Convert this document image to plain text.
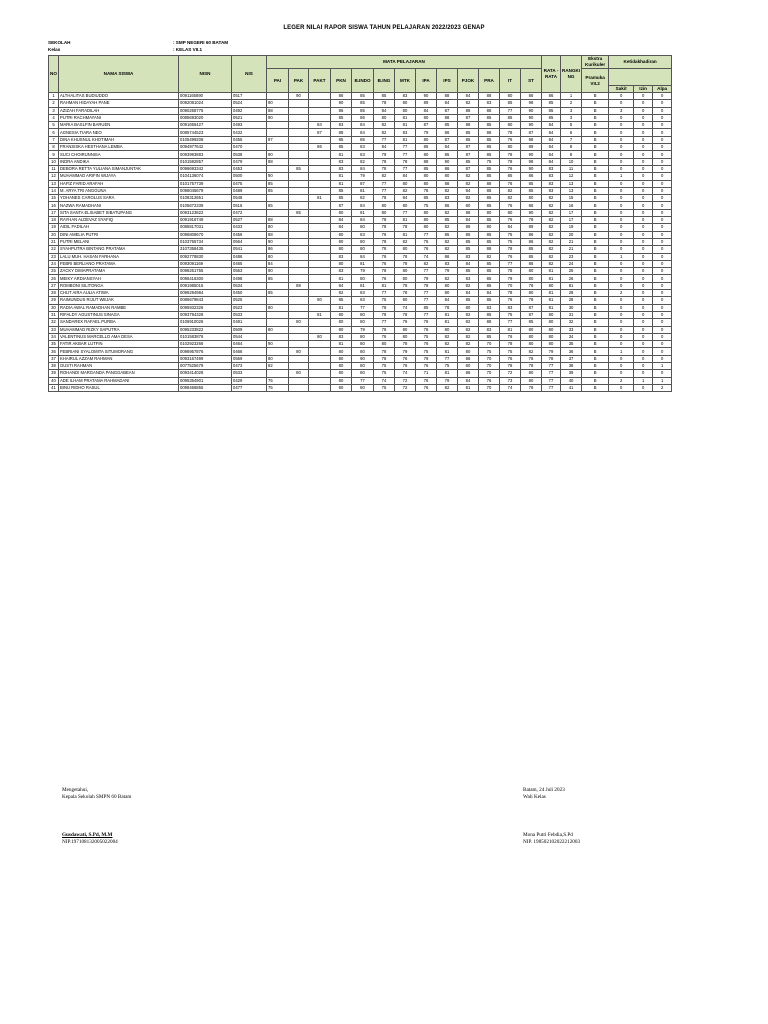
LEGER NILAI RAPOR SISWA TAHUN PELAJARAN 2022/2023 GENAP
SEKOLAH	: SMP NEGERI 60 BATAM
Kelas	: KELAS VII.1
NO	NAMA SISWA	NISN	NIS	MATA PELAJARAN													RATA - RATA	RANGKI NG	Ekstra Kurikuler	Ketidakhadiran		
				PAI	PAK	PAKT	PKN	B.INDO	B.ING	MTK	IPA	IPS	PJOK	PRA	IT	ST			Pramuka VII.2			
																				Sakit	Izin	Alpa
1	ALTHALITAS BUDIUDDO	0091165890	0517		90		86	85	85	83	90	88	84	88	80	86	86	1	B	0	0	0
2	RAHMAN HIDAYAH PANE	0092081024	0524	90			90	85	78	80	89	84	82	83	85	98	85	2	B	0	0	0
3	AZIZAH FARADILAH	0090258775	0492	88			86	85	84	80	84	87	88	88	77	90	85	3	B	3	0	0
4	PUTRI RACHMAYANI	0085693020	0521	90			85	86	80	81	80	88	87	85	85	90	85	3	B	0	0	0
5	MARIA BASLFIN BARUEN	0091656427	0493			84	83	84	82	81	87	85	88	85	80	90	84	5	B	0	0	0
6	AGNESIA TIARA NEO	0085744523	0432			87	88	84	82	83	79	86	85	88	78	87	84	6	B	0	0	0
7	DINA KHUSNUL KHOTIMAH	0105499208	0455	87			85	85	77	81	80	87	85	85	76	98	84	7	B	0	0	0
8	FRANSISKA HESTHANA LEMBA	0094977642	0470			86	85	83	84	77	85	84	87	85	80	89	84	8	B	0	0	0
9	SUCI CHOIRUNNISA	0093993883	0538	90			81	83	79	77	80	85	87	85	78	90	84	8	B	0	0	0
10	INDRA ANDIKA	0101592857	0479	88			83	82	78	78	89	90	85	75	78	98	84	10	B	0	0	0
11	DEBORA RETTA YULIANA SIMANJUNTAK	0096693342	0453		85		83	84	78	77	85	86	87	85	76	90	83	11	B	0	0	0
12	MUHAMMAD ARIFIN WIJAYA	0104136074	0500	90			81	79	82	84	80	80	82	85	85	86	83	12	B	1	0	0
13	HAFIZ FARID ARAFAH	0101757739	0475	85			81	87	77	80	80	88	82	88	76	85	83	13	B	0	0	0
14	M. ARYA TRI ANGGUNA	0098045679	0489	85			85	81	77	82	78	82	84	88	82	85	83	13	B	0	0	0
15	YOHANES CAROLUS SARA	0108312651	0548			81	85	82	78	84	85	83	82	85	82	80	82	15	B	0	0	0
16	NAZWA RAMADHANI	0105672339	0516	85			87	84	80	80	75	86	80	85	76	86	82	16	B	0	0	0
17	SITA SANTA ELISABET SIBATUPANG	0093123822	0472		85		80	81	80	77	80	82	88	80	80	90	82	17	B	0	0	0
18	RAYHAN ALDEVAZ SYAFIQ	0091916749	0527	88			84	84	78	81	80	85	84	85	76	78	82	17	B	0	0	0
19	AIDIL FADILAH	0085817031	0433	80			84	80	78	78	80	82	86	80	84	89	82	19	B	0	0	0
20	DINI AMELIA PUTRI	0096808670	0456	88			80	83	76	81	77	85	85	85	75	86	82	20	B	0	0	0
21	PUTRI MELANI	0103765734	0564	90			80	80	78	82	75	82	85	85	75	86	82	21	B	0	0	0
22	SYAHPUTRA BINTANG PRATAMA	3107358435	0541	86			80	80	78	80	76	82	85	88	78	85	82	21	B	0	0	0
23	LALU MUH. HASAN FARHANA	0092778830	0486	80			83	84	76	78	74	86	83	82	76	85	82	23	B	1	0	0
24	FEBRI BERLIANO PRATAMA	0093091169	0465	84			80	81	76	78	82	83	84	85	77	86	82	24	B	0	0	0
25	ZACKY DIMAPRATAMA	0098261755	0553	90			83	79	78	80	77	79	85	85	78	80	81	25	B	0	0	0
26	MEIKY ARDIANSYAH	0096416300	0498	85			81	80	76	80	79	82	83	85	79	80	81	26	B	0	0	0
27	ROMBONI SILITONGA	0091985015	0534		88		84	81	81	78	78	80	82	85	70	76	80	81	B	0	0	0
28	CHUT AIRA AULIA ATIWA	0096294984	0450	85			82	83	77	78	77	80	84	84	78	80	81	28	B	2	0	0
29	RAIMUNDUS RIJUT WEJAK	0085679843	0525			80	85	83	75	80	77	84	85	85	76	78	81	28	B	0	0	0
30	RADIA AWAL RAMADHAN RAMBE	0095932326	0523	80			81	77	78	74	85	78	80	83	83	87	81	30	B	0	0	0
31	RIFALDY AGUSTINUS SINAGA	0093794328	0533			81	80	80	78	78	77	81	82	85	75	87	80	31	B	0	0	0
32	SANDAREX RAFAEL PURBA	0106910026	0481		80		80	80	77	76	76	81	82	88	77	85	80	32	B	0	0	0
33	MUHAMMAD RIZKY SAPUTRA	0095233822	0509	80			80	79	78	80	76	80	82	83	81	80	80	33	B	0	0	0
34	VALENTINUS MARCELLO AMA DESA	0101583876	0544			80	83	80	76	80	75	82	82	85	76	80	80	34	B	0	0	0
35	FATIR AKBAR LUTFIN	0102923266	0464	90			81	80	80	78	76	82	82	70	78	80	80	35	B	0	0	0
36	FEBRIANI SYALOMITA SITUMORANG	0096957876	0466		80		80	80	78	79	75	81	80	75	75	82	79	36	B	1	0	0
37	KHAIRUL AZZAM RAHMAN	0093167499	0559	80			80	90	78	76	79	77	86	70	76	78	78	37	B	0	0	0
38	GUSTI RAHMAN	0077525679	0473	82			80	80	75	76	76	75	80	70	78	78	77	38	B	0	0	1
39	ROHANDI MARGANDA PANGGABEAN	0093414028	0533		80		80	80	75	74	71	81	86	70	72	80	77	39	B	0	0	0
40	ADE ILHAM PRATAMA RAHMADANI	0095354901	0429	75			80	77	74	72	76	79	84	76	73	80	77	40	B	2	1	1
41	BINU RIDHO RASUL	0098466855	0477	75			80	80	75	72	76	82	81	70	74	78	77	41	B	0	0	2
Mengetahui,
Kepala Sekolah SMPN 60 Batam
Gusdawati, S.Pd, M.M
NIP.197108132005022004
Batam, 24 Juli 2023
Wali Kelas
Mona Putri Febdia,S.Pd
NIP. 198502102022212003
